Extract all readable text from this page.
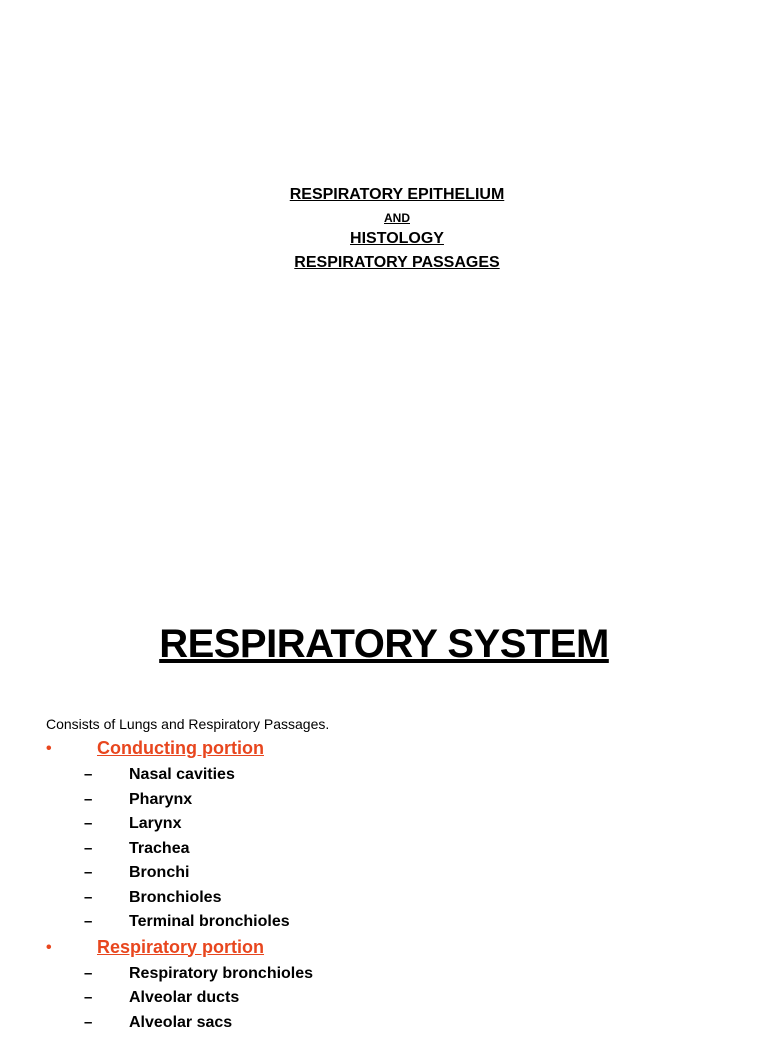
RESPIRATORY EPITHELIUM
AND
HISTOLOGY
RESPIRATORY PASSAGES
RESPIRATORY SYSTEM
Consists of Lungs and Respiratory Passages.
•	Conducting portion
– Nasal cavities
– Pharynx
– Larynx
– Trachea
– Bronchi
– Bronchioles
– Terminal bronchioles
•	Respiratory portion
– Respiratory bronchioles
– Alveolar ducts
– Alveolar sacs
